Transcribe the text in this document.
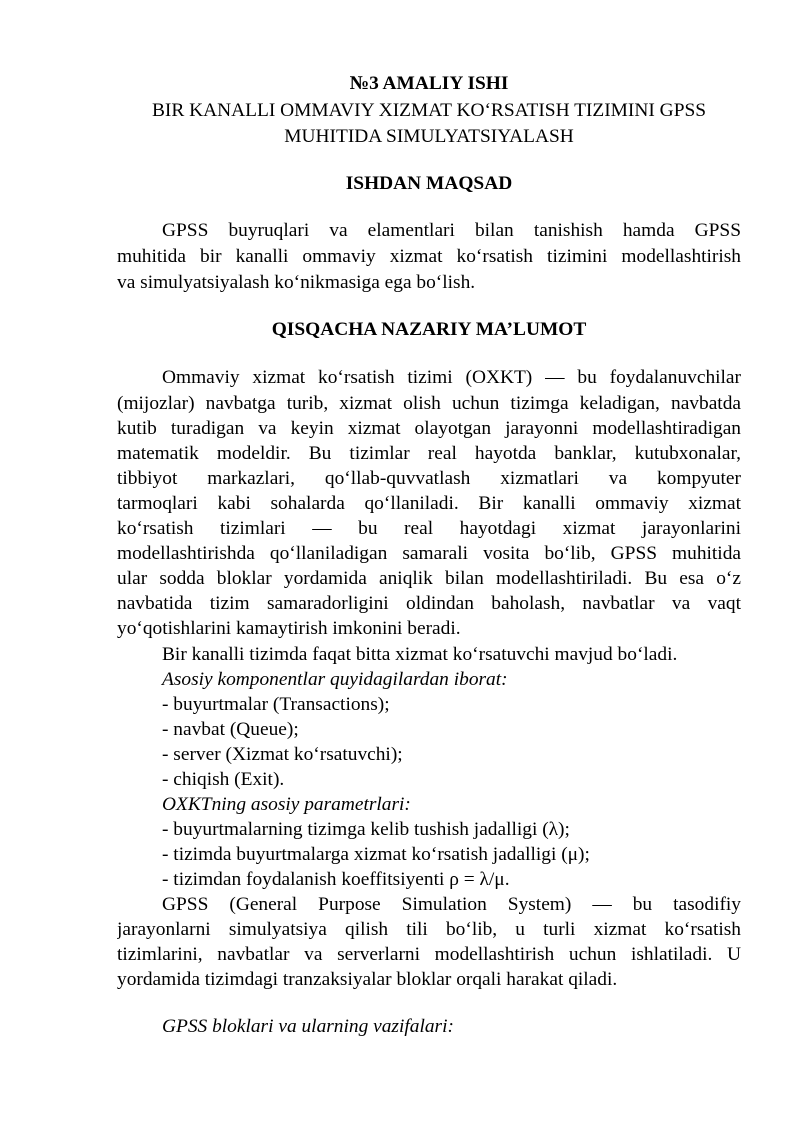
№3 AMALIY ISHI
BIR KANALLI OMMAVIY XIZMAT KO‘RSATISH TIZIMINI GPSS
MUHITIDA SIMULYATSIYALASH
ISHDAN MAQSAD
GPSS buyruqlari va elamentlari bilan tanishish hamda GPSS
muhitida bir kanalli ommaviy xizmat ko‘rsatish tizimini modellashtirish
va simulyatsiyalash ko‘nikmasiga ega bo‘lish.
QISQACHA NAZARIY MA’LUMOT
Ommaviy xizmat ko‘rsatish tizimi (OXKT) — bu foydalanuvchilar
(mijozlar) navbatga turib, xizmat olish uchun tizimga keladigan, navbatda
kutib turadigan va keyin xizmat olayotgan jarayonni modellashtiradigan
matematik modeldir. Bu tizimlar real hayotda banklar, kutubxonalar,
tibbiyot markazlari, qo‘llab-quvvatlash xizmatlari va kompyuter
tarmoqlari kabi sohalarda qo‘llaniladi. Bir kanalli ommaviy xizmat
ko‘rsatish tizimlari — bu real hayotdagi xizmat jarayonlarini
modellashtirishda qo‘llaniladigan samarali vosita bo‘lib, GPSS muhitida
ular sodda bloklar yordamida aniqlik bilan modellashtiriladi. Bu esa o‘z
navbatida tizim samaradorligini oldindan baholash, navbatlar va vaqt
yo‘qotishlarini kamaytirish imkonini beradi.
Bir kanalli tizimda faqat bitta xizmat ko‘rsatuvchi mavjud bo‘ladi.
Asosiy komponentlar quyidagilardan iborat:
- buyurtmalar (Transactions);
- navbat (Queue);
- server (Xizmat ko‘rsatuvchi);
- chiqish (Exit).
OXKTning asosiy parametrlari:
- buyurtmalarning tizimga kelib tushish jadalligi (λ);
- tizimda buyurtmalarga xizmat ko‘rsatish jadalligi (μ);
- tizimdan foydalanish koeffitsiyenti ρ = λ/μ.
GPSS (General Purpose Simulation System) — bu tasodifiy
jarayonlarni simulyatsiya qilish tili bo‘lib, u turli xizmat ko‘rsatish
tizimlarini, navbatlar va serverlarni modellashtirish uchun ishlatiladi. U
yordamida tizimdagi tranzaksiyalar bloklar orqali harakat qiladi.
GPSS bloklari va ularning vazifalari:
